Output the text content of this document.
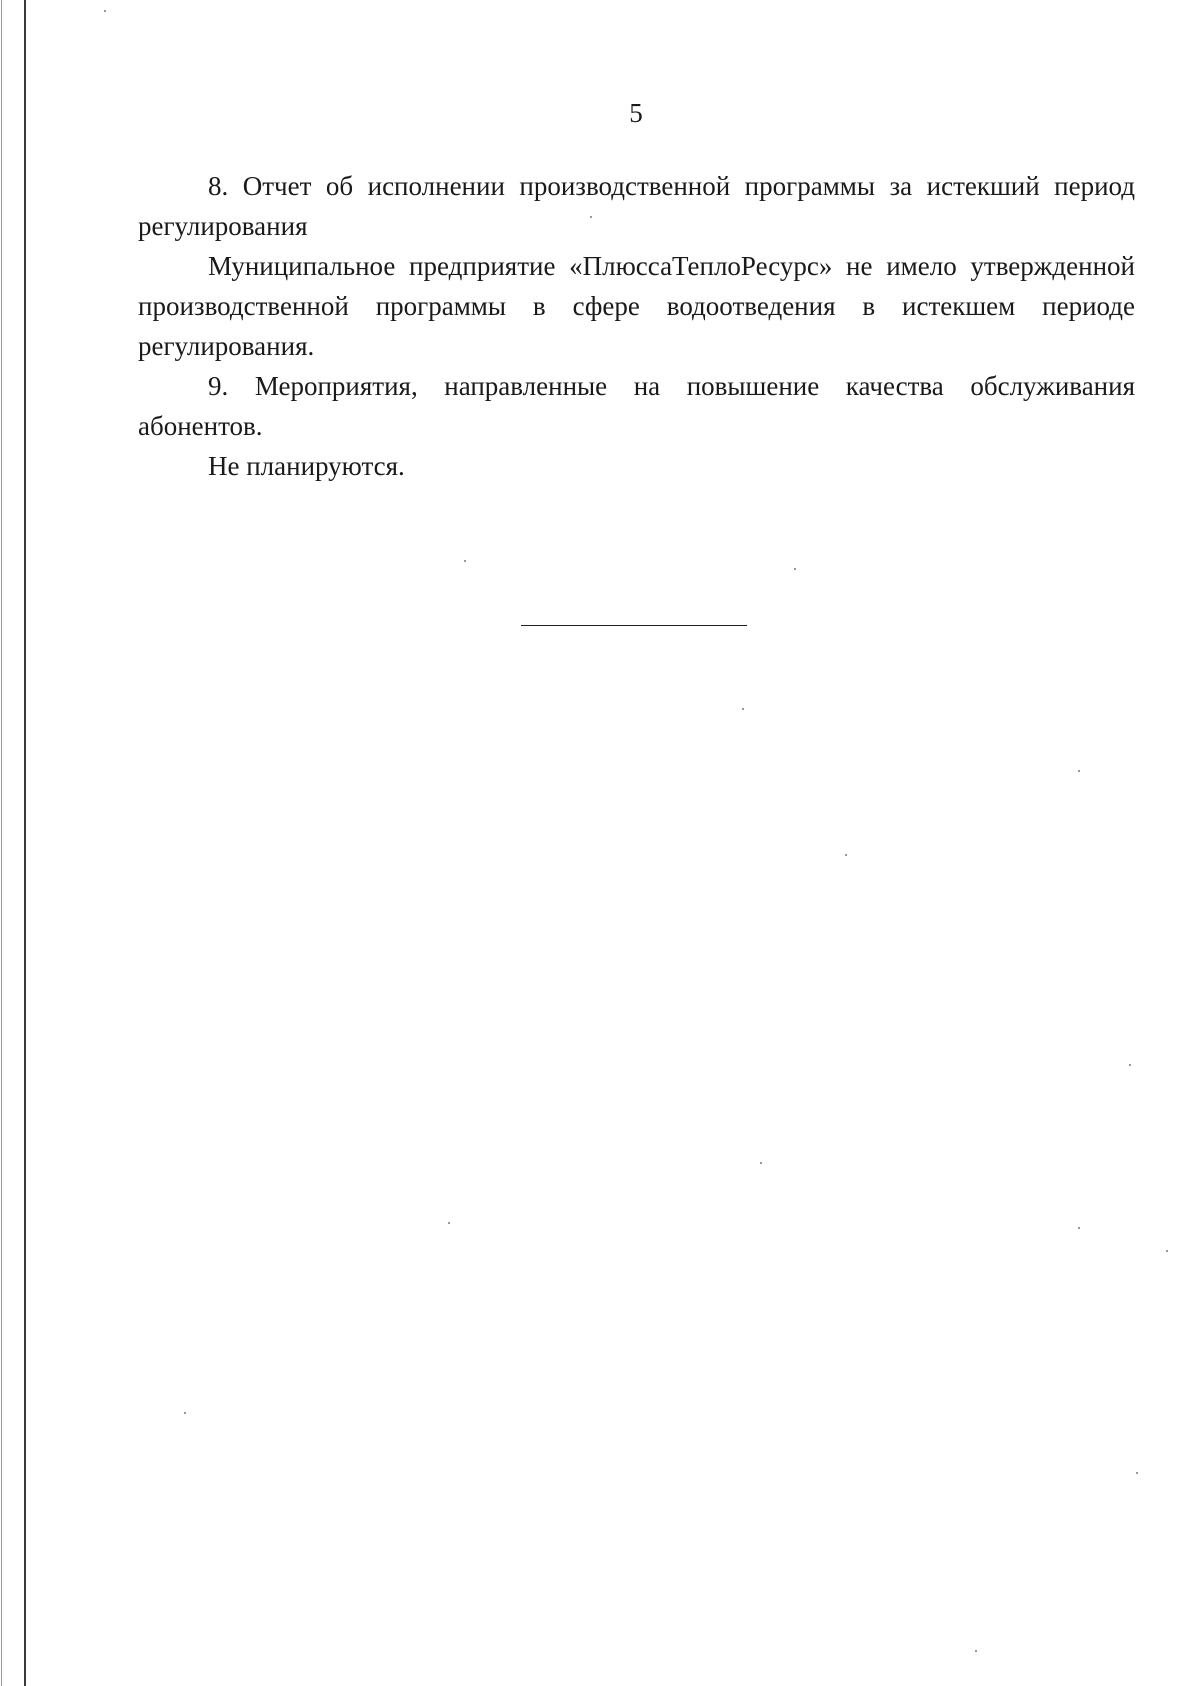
5

8. Отчет об исполнении производственной программы за истекший период регулирования

Муниципальное предприятие «ПлюссаТеплоРесурс» не имело утвержденной производственной программы в сфере водоотведения в истекшем периоде регулирования.

9. Мероприятия, направленные на повышение качества обслуживания абонентов.

Не планируются.
